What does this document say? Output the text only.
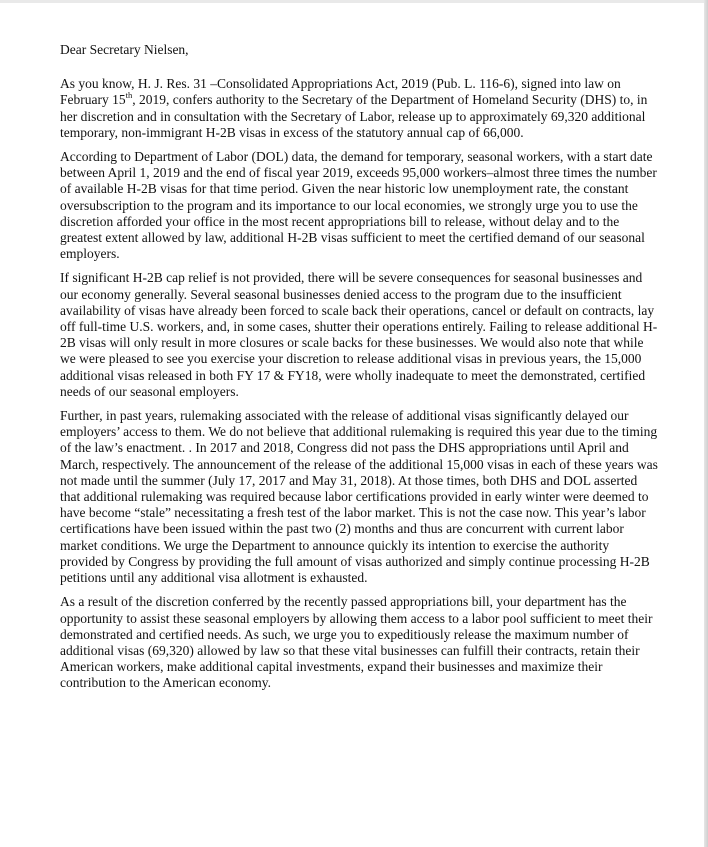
Dear Secretary Nielsen,

As you know, H. J. Res. 31 –Consolidated Appropriations Act, 2019 (Pub. L. 116-6), signed into law on February 15th, 2019, confers authority to the Secretary of the Department of Homeland Security (DHS) to, in her discretion and in consultation with the Secretary of Labor, release up to approximately 69,320 additional temporary, non-immigrant H-2B visas in excess of the statutory annual cap of 66,000.

According to Department of Labor (DOL) data, the demand for temporary, seasonal workers, with a start date between April 1, 2019 and the end of fiscal year 2019, exceeds 95,000 workers–almost three times the number of available H-2B visas for that time period. Given the near historic low unemployment rate, the constant oversubscription to the program and its importance to our local economies, we strongly urge you to use the discretion afforded your office in the most recent appropriations bill to release, without delay and to the greatest extent allowed by law, additional H-2B visas sufficient to meet the certified demand of our seasonal employers.

If significant H-2B cap relief is not provided, there will be severe consequences for seasonal businesses and our economy generally. Several seasonal businesses denied access to the program due to the insufficient availability of visas have already been forced to scale back their operations, cancel or default on contracts, lay off full-time U.S. workers, and, in some cases, shutter their operations entirely. Failing to release additional H-2B visas will only result in more closures or scale backs for these businesses. We would also note that while we were pleased to see you exercise your discretion to release additional visas in previous years, the 15,000 additional visas released in both FY 17 & FY18, were wholly inadequate to meet the demonstrated, certified needs of our seasonal employers.

Further, in past years, rulemaking associated with the release of additional visas significantly delayed our employers’ access to them. We do not believe that additional rulemaking is required this year due to the timing of the law’s enactment. . In 2017 and 2018, Congress did not pass the DHS appropriations until April and March, respectively. The announcement of the release of the additional 15,000 visas in each of these years was not made until the summer (July 17, 2017 and May 31, 2018). At those times, both DHS and DOL asserted that additional rulemaking was required because labor certifications provided in early winter were deemed to have become “stale” necessitating a fresh test of the labor market. This is not the case now. This year’s labor certifications have been issued within the past two (2) months and thus are concurrent with current labor market conditions. We urge the Department to announce quickly its intention to exercise the authority provided by Congress by providing the full amount of visas authorized and simply continue processing H-2B petitions until any additional visa allotment is exhausted.

As a result of the discretion conferred by the recently passed appropriations bill, your department has the opportunity to assist these seasonal employers by allowing them access to a labor pool sufficient to meet their demonstrated and certified needs. As such, we urge you to expeditiously release the maximum number of additional visas (69,320) allowed by law so that these vital businesses can fulfill their contracts, retain their American workers, make additional capital investments, expand their businesses and maximize their contribution to the American economy.
